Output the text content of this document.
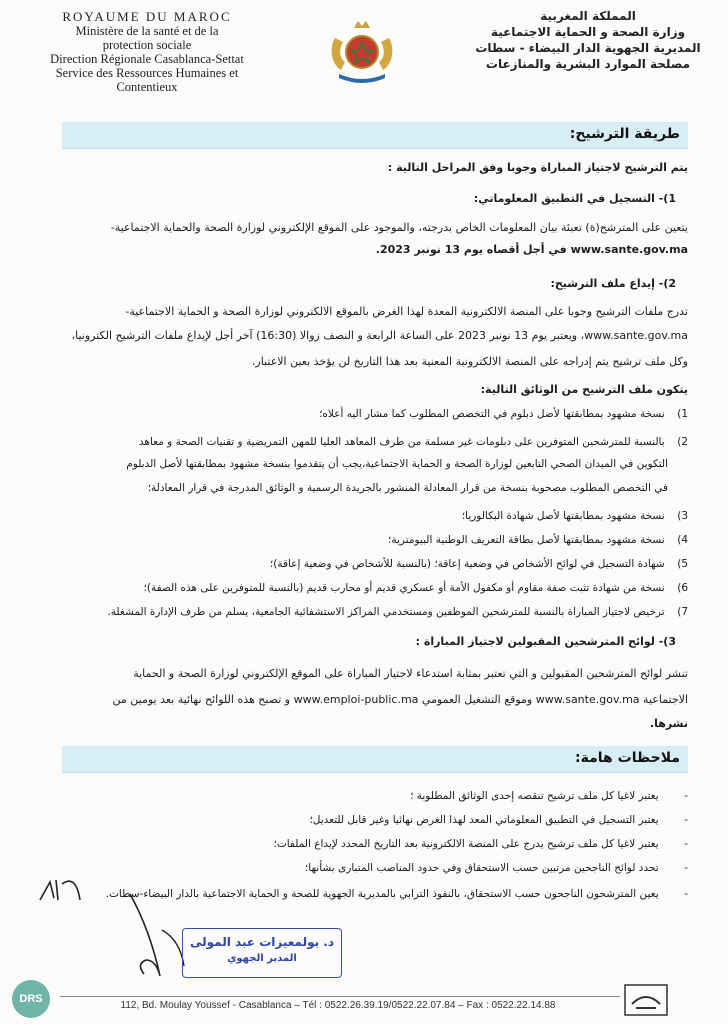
ROYAUME DU MAROC
Ministère de la santé et de la
protection sociale
Direction Régionale Casablanca-Settat
Service des Ressources Humaines et
Contentieux
المملكة المغربية
وزارة الصحة و الحماية الاجتماعية
المديرية الجهوية الدار البيضاء - سطات
مصلحة الموارد البشرية والمنازعات
طريقة الترشيح:
يتم الترشيح لاجتياز المباراة وجوبا وفق المراحل التالية :
1)- التسجيل في التطبيق المعلوماتي:
يتعين على المترشح(ة) تعبئة بيان المعلومات الخاص بدرجته، والموجود على الموقع الإلكتروني لوزارة الصحة والحماية الاجتماعية-
www.sante.gov.ma في أجل أقصاه يوم 13 نونبر 2023.
2)- إيداع ملف الترشيح:
تدرج ملفات الترشيح وجوبا على المنصة الالكترونية المعدة لهذا الغرض بالموقع الالكتروني لوزارة الصحة و الحماية الاجتماعية-
www.sante.gov.ma، ويعتبر يوم 13 نونبر 2023 على الساعة الرابعة و النصف زوالا (16:30) آخر أجل لإيداع ملفات الترشيح الكترونيا،
وكل ملف ترشيح يتم إدراجه على المنصة الالكترونية المعنية بعد هذا التاريخ لن يؤخذ بعين الاعتبار.
يتكون ملف الترشيح من الوثائق التالية:
1) نسخة مشهود بمطابقتها لأصل دبلوم في التخصص المطلوب كما مشار اليه أعلاه؛
2) بالنسبة للمترشحين المتوفرين على دبلومات غير مسلمة من طرف المعاهد العليا للمهن التمريضية و تقنيات الصحة و معاهد
التكوين في الميدان الصحي التابعين لوزارة الصحة و الحماية الاجتماعية،يجب أن يتقدموا بنسخة مشهود بمطابقتها لأصل الدبلوم
في التخصص المطلوب مصحوبة بنسخة من قرار المعادلة المنشور بالجريدة الرسمية و الوثائق المدرجة في قرار المعادلة؛
3) نسخة مشهود بمطابقتها لأصل شهادة البكالوريا؛
4) نسخة مشهود بمطابقتها لأصل بطاقة التعريف الوطنية البيومترية؛
5) شهادة التسجيل في لوائح الأشخاص في وضعية إعاقة؛ (بالنسبة للأشخاص في وضعية إعاقة)؛
6) نسخة من شهادة تثبت صفة مقاوم أو مكفول الأمة أو عسكري قديم أو محارب قديم (بالنسبة للمتوفرين على هذه الصفة)؛
7) ترخيص لاجتياز المباراة بالنسبة للمترشحين الموظفين ومستخدمي المراكز الاستشفائية الجامعية، يسلم من طرف الإدارة المشغلة.
3)- لوائح المترشحين المقبولين لاجتياز المباراة :
تنشر لوائح المترشحين المقبولين و التي تعتبر بمثابة استدعاء لاجتياز المباراة على الموقع الإلكتروني لوزارة الصحة و الحماية
الاجتماعية www.sante.gov.ma وموقع التشغيل العمومي www.emploi-public.ma و تصبح هذه اللوائح نهائية بعد يومين من
نشرها.
ملاحظات هامة:
- يعتبر لاغيا كل ملف ترشيح تنقصه إحدى الوثائق المطلوبة ؛
- يعتبر التسجيل في التطبيق المعلوماتي المعد لهذا الغرض نهائيا وغير قابل للتعديل؛
- يعتبر لاغيا كل ملف ترشيح يدرج على المنصة الالكترونية بعد التاريخ المحدد لإيداع الملفات؛
- تحدد لوائح الناجحين مرتبين حسب الاستحقاق وفي حدود المناصب المتبارى بشأنها؛
- يعين المترشحون الناجحون حسب الاستحقاق، بالنفوذ الترابي بالمديرية الجهوية للصحة و الحماية الاجتماعية بالدار البيضاء-سطات.
د. بولمعيزات عبد المولى
المدير الجهوي
DRS
112, Bd. Moulay Youssef - Casablanca – Tél : 0522.26.39.19/0522.22.07.84 – Fax : 0522.22.14.88
